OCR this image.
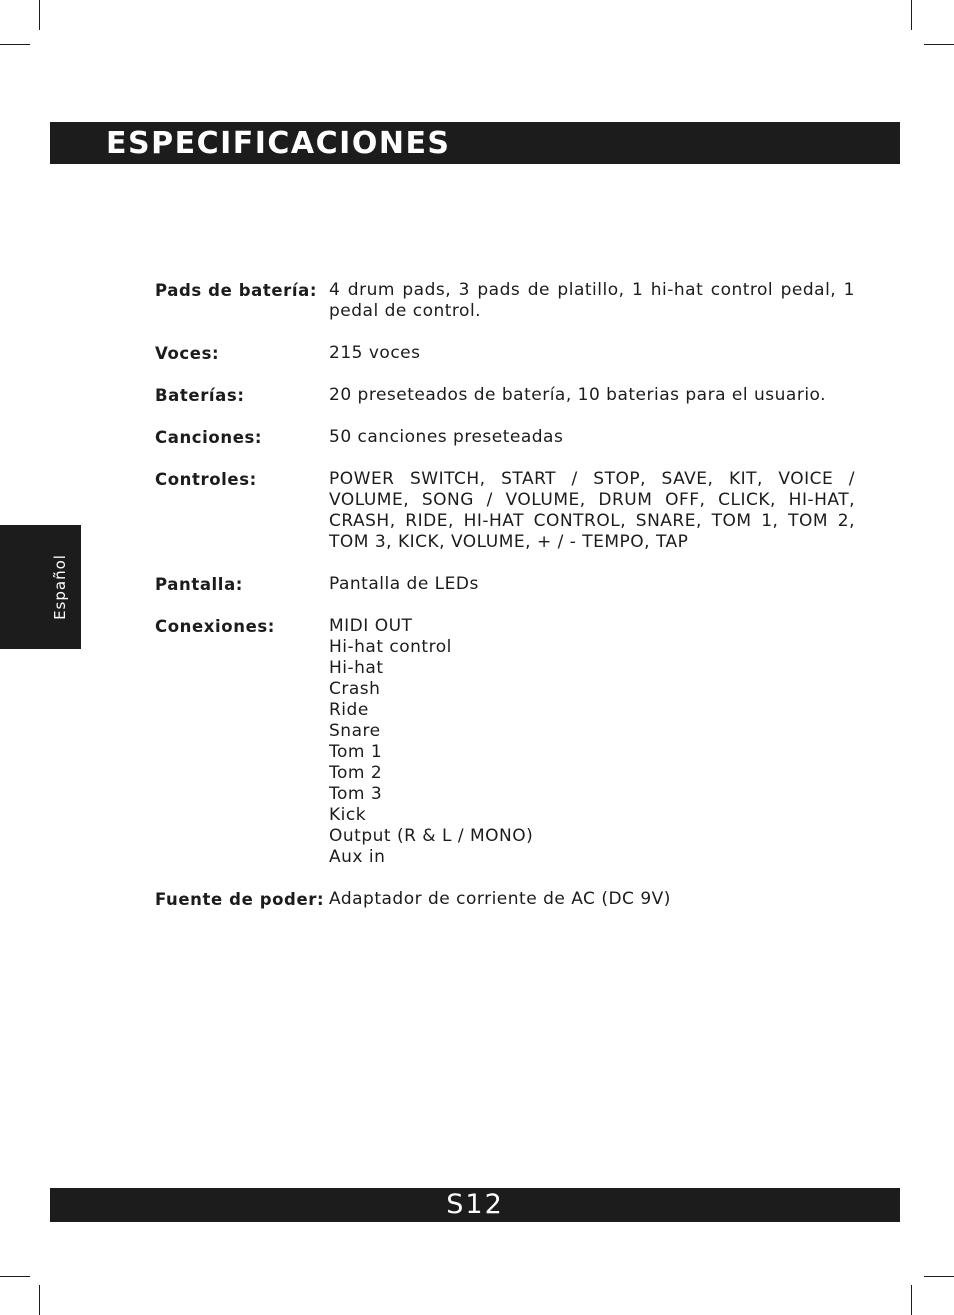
ESPECIFICACIONES
Español
Pads de batería: 4 drum pads, 3 pads de platillo, 1 hi-hat control pedal, 1 pedal de control.
Voces:	215 voces
Baterías:	20 preseteados de batería, 10 baterias para el usuario.
Canciones:	50 canciones preseteadas
Controles:	POWER SWITCH, START / STOP, SAVE, KIT, VOICE / VOLUME, SONG / VOLUME, DRUM OFF, CLICK, HI-HAT, CRASH, RIDE, HI-HAT CONTROL, SNARE, TOM 1, TOM 2, TOM 3, KICK, VOLUME, + / - TEMPO, TAP
Pantalla:	Pantalla de LEDs
Conexiones:	MIDI OUT
Hi-hat control
Hi-hat
Crash
Ride
Snare
Tom 1
Tom 2
Tom 3
Kick
Output (R & L / MONO)
Aux in
Fuente de poder: Adaptador de corriente de AC (DC 9V)
S12
